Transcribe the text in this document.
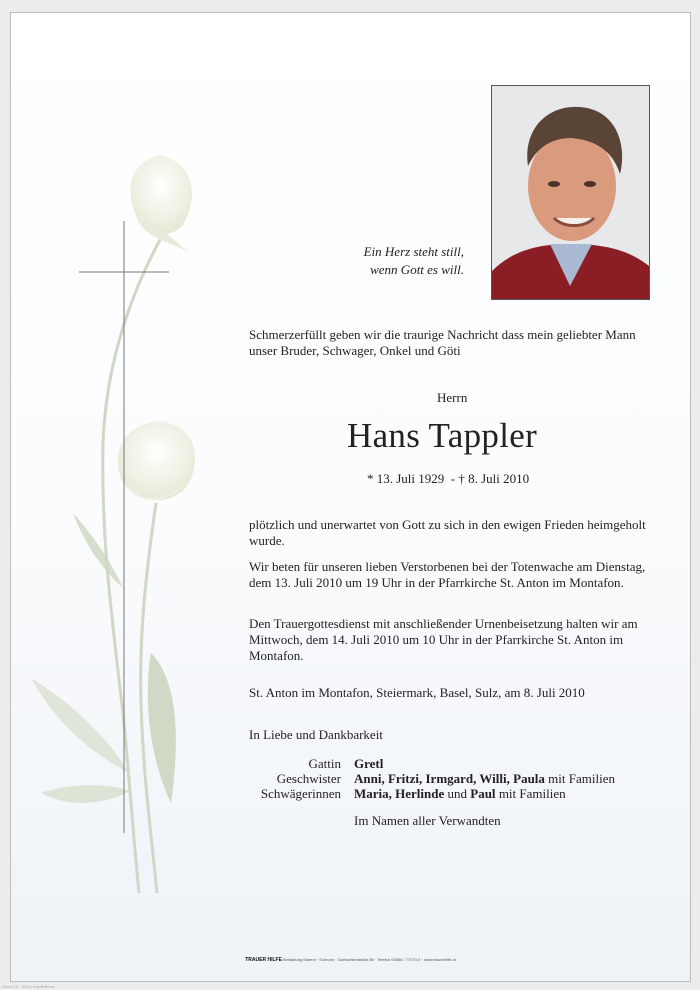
Ein Herz steht still,
wenn Gott es will.
Schmerzerfüllt geben wir die traurige Nachricht dass mein geliebter Mann unser Bruder, Schwager, Onkel und Göti
Herrn
Hans Tappler
* 13. Juli 1929  - † 8. Juli 2010
plötzlich und unerwartet von Gott zu sich in den ewigen Frieden heimgeholt wurde.
Wir beten für unseren lieben Verstorbenen bei der Totenwache am Dienstag, dem 13. Juli 2010 um 19 Uhr in der Pfarrkirche St. Anton im Montafon.
Den Trauergottesdienst mit anschließender Urnenbeisetzung halten wir am Mittwoch, dem 14. Juli 2010 um 10 Uhr in der Pfarrkirche St. Anton im Montafon.
St. Anton im Montafon, Steiermark, Basel, Sulz, am 8. Juli 2010
In Liebe und Dankbarkeit
Gattin
Geschwister
Schwägerinnen
Gretl
Anni, Fritzi, Irmgard, Willi, Paula mit Familien
Maria, Herlinde und Paul mit Familien
Im Namen aller Verwandten
TRAUER HILFE Bestattung Marent · Schruns · Gantschierstraße 88 · Telefon 05556 / 77070-0 · www.trauerhilfe.at
Abrus 10 - 8/Sa | tmk/fkdh/nts
